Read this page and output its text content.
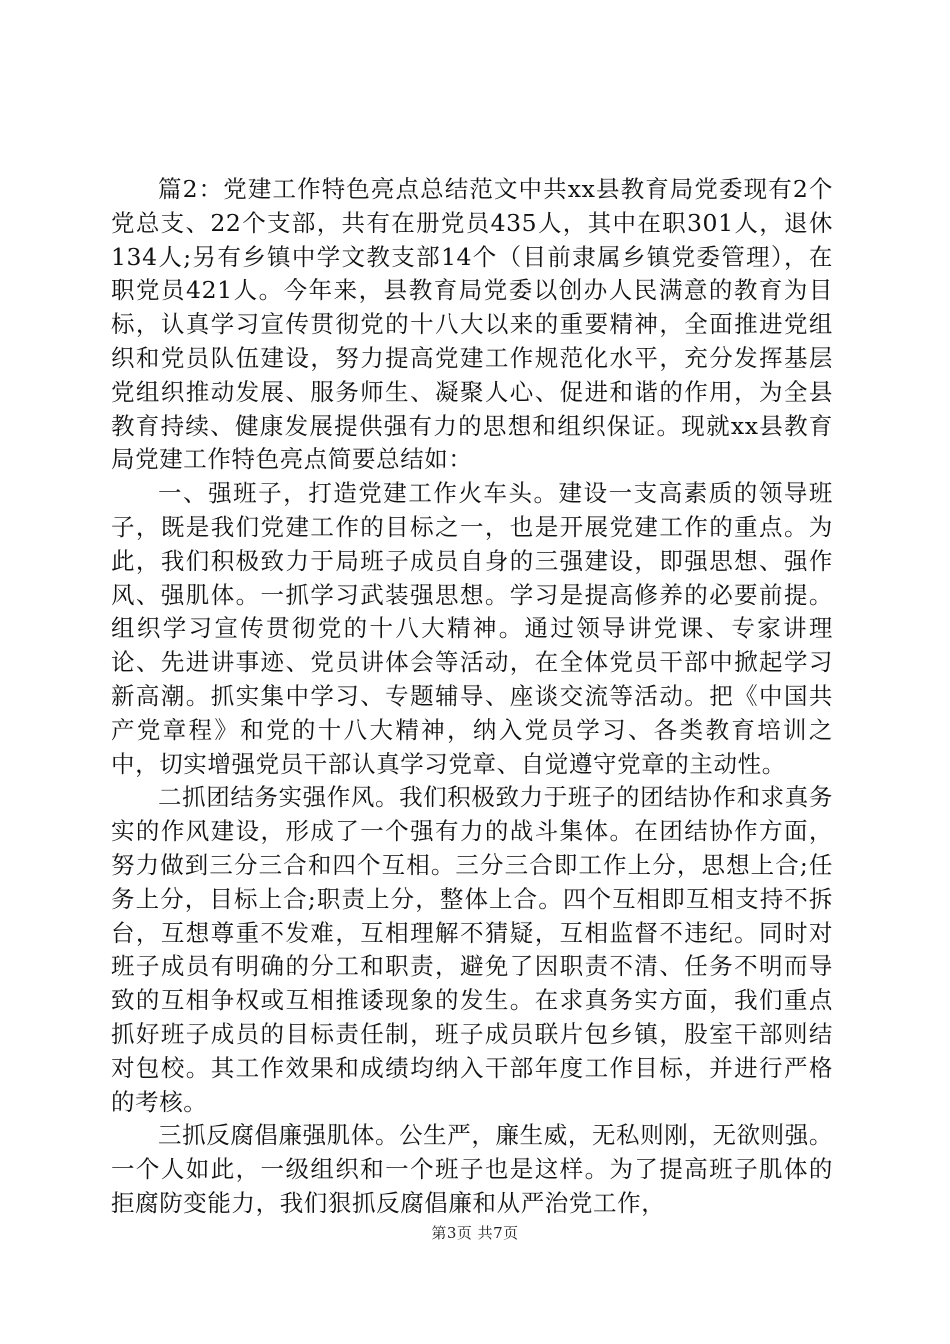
篇2：党建工作特色亮点总结范文中共xx县教育局党委现有2个党总支、22个支部，共有在册党员435人，其中在职301人，退休134人;另有乡镇中学文教支部14个（目前隶属乡镇党委管理），在职党员421人。今年来，县教育局党委以创办人民满意的教育为目标，认真学习宣传贯彻党的十八大以来的重要精神，全面推进党组织和党员队伍建设，努力提高党建工作规范化水平，充分发挥基层党组织推动发展、服务师生、凝聚人心、促进和谐的作用，为全县教育持续、健康发展提供强有力的思想和组织保证。现就xx县教育局党建工作特色亮点简要总结如：

一、强班子，打造党建工作火车头。建设一支高素质的领导班子，既是我们党建工作的目标之一，也是开展党建工作的重点。为此，我们积极致力于局班子成员自身的三强建设，即强思想、强作风、强肌体。一抓学习武装强思想。学习是提高修养的必要前提。组织学习宣传贯彻党的十八大精神。通过领导讲党课、专家讲理论、先进讲事迹、党员讲体会等活动，在全体党员干部中掀起学习新高潮。抓实集中学习、专题辅导、座谈交流等活动。把《中国共产党章程》和党的十八大精神，纳入党员学习、各类教育培训之中，切实增强党员干部认真学习党章、自觉遵守党章的主动性。

二抓团结务实强作风。我们积极致力于班子的团结协作和求真务实的作风建设，形成了一个强有力的战斗集体。在团结协作方面，努力做到三分三合和四个互相。三分三合即工作上分，思想上合;任务上分，目标上合;职责上分，整体上合。四个互相即互相支持不拆台，互想尊重不发难，互相理解不猜疑，互相监督不违纪。同时对班子成员有明确的分工和职责，避免了因职责不清、任务不明而导致的互相争权或互相推诿现象的发生。在求真务实方面，我们重点抓好班子成员的目标责任制，班子成员联片包乡镇，股室干部则结对包校。其工作效果和成绩均纳入干部年度工作目标，并进行严格的考核。

三抓反腐倡廉强肌体。公生严，廉生威，无私则刚，无欲则强。一个人如此，一级组织和一个班子也是这样。为了提高班子肌体的拒腐防变能力，我们狠抓反腐倡廉和从严治党工作，

第3页 共7页
